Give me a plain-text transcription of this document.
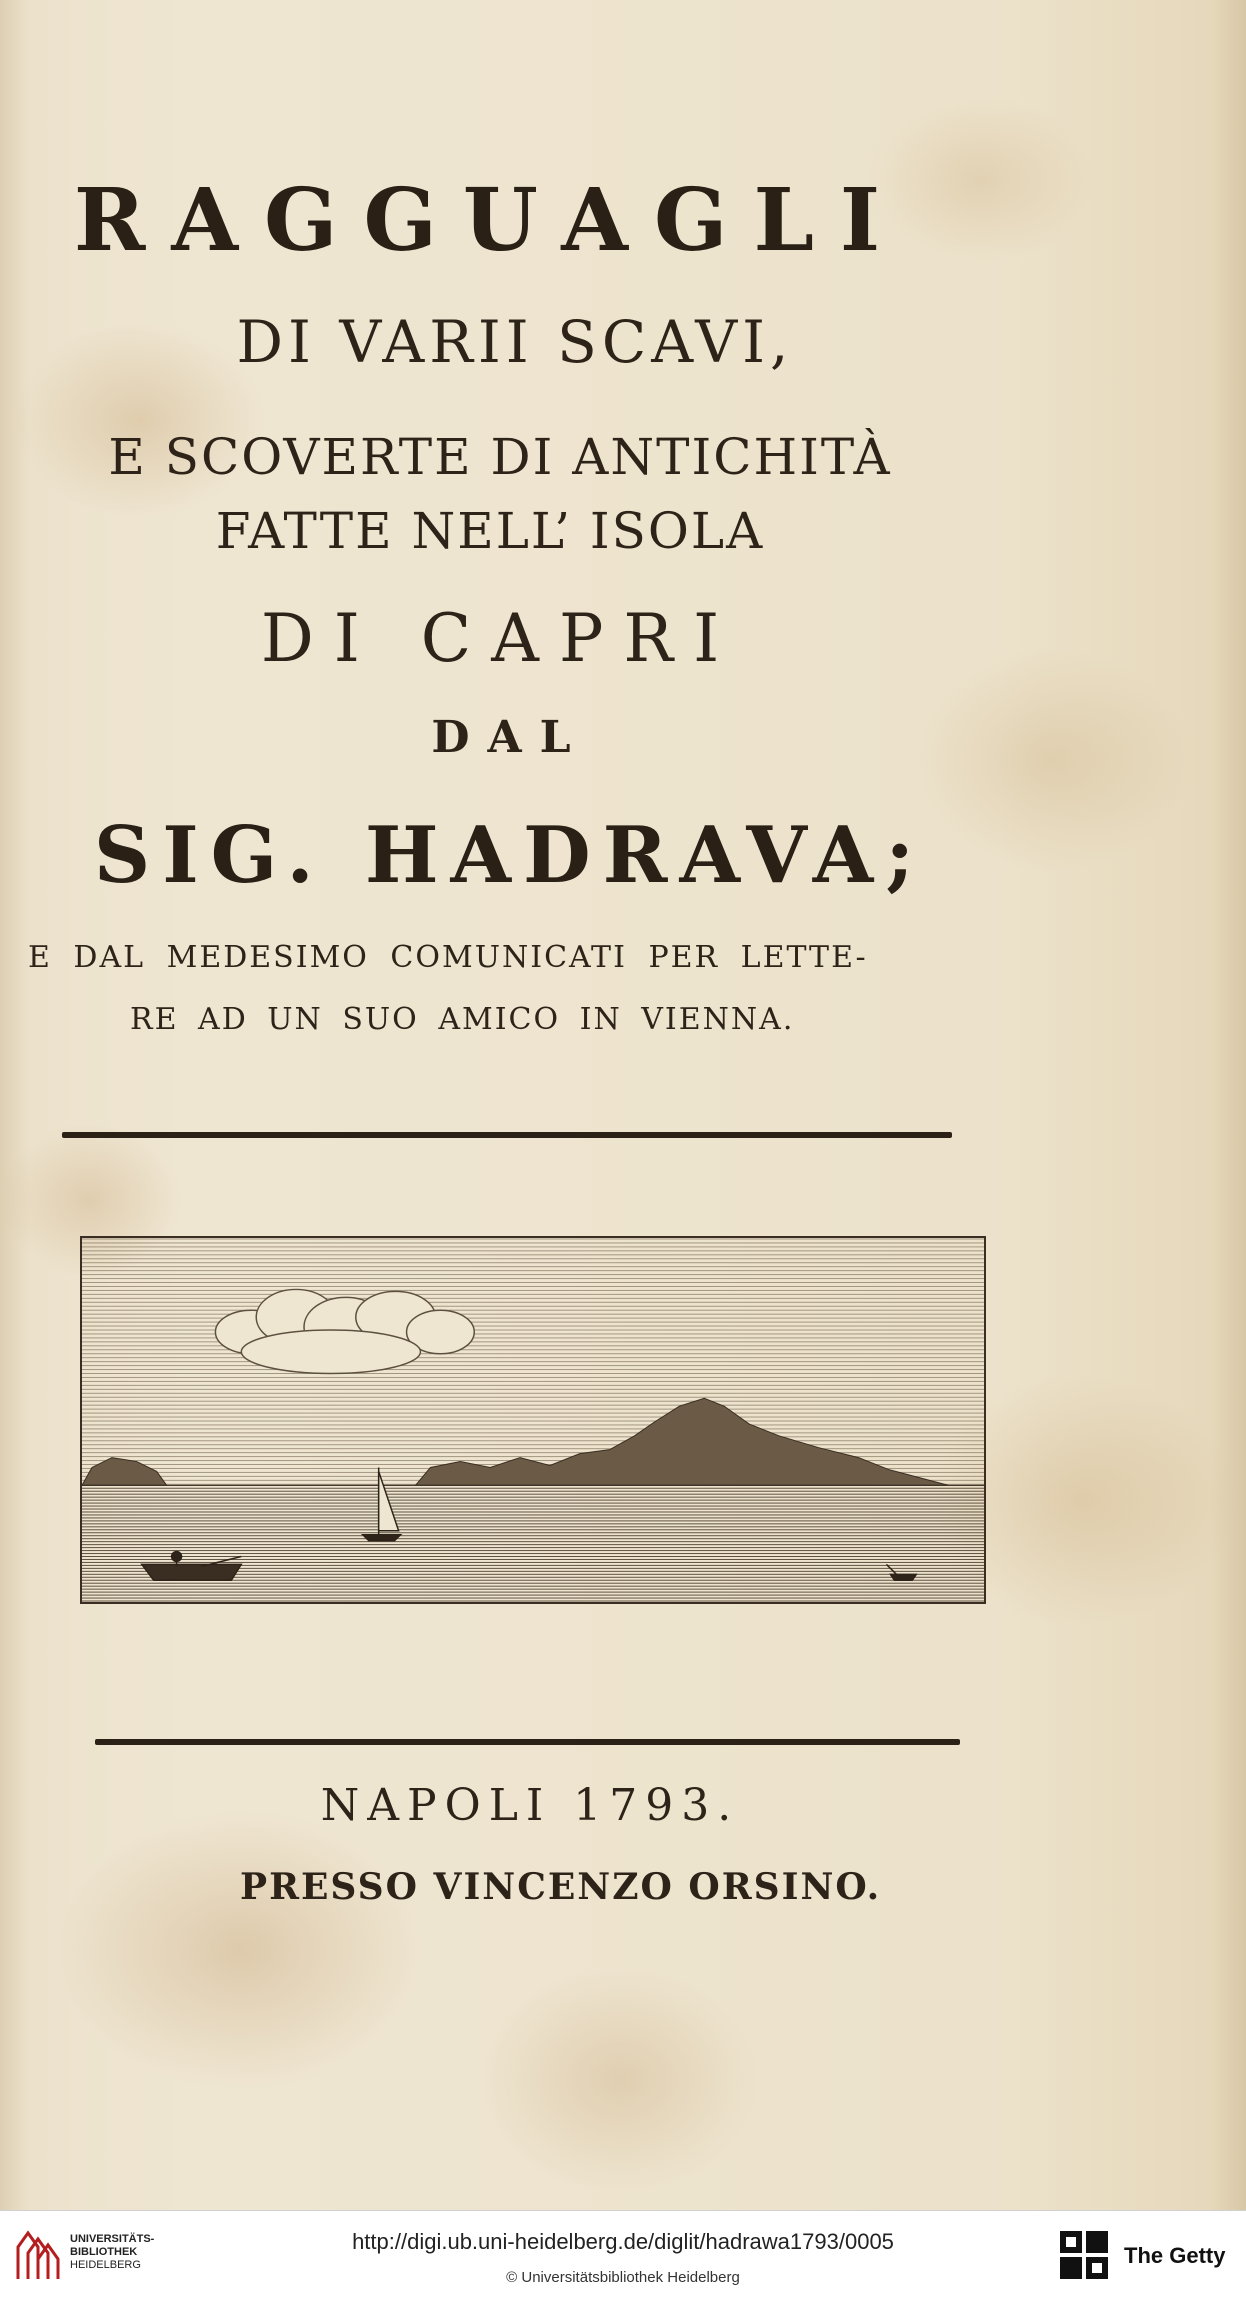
RAGGUAGLI
DI VARII SCAVI,
E SCOVERTE DI ANTICHITÀ
FATTE NELL’ ISOLA
DI CAPRI
DAL
SIG. HADRAVA;
E DAL MEDESIMO COMUNICATI PER LETTE-
RE AD UN SUO AMICO IN VIENNA.
NAPOLI 1793.
PRESSO VINCENZO ORSINO.
UNIVERSITÄTS-
BIBLIOTHEK
HEIDELBERG
http://digi.ub.uni-heidelberg.de/diglit/hadrawa1793/0005
© Universitätsbibliothek Heidelberg
The Getty
